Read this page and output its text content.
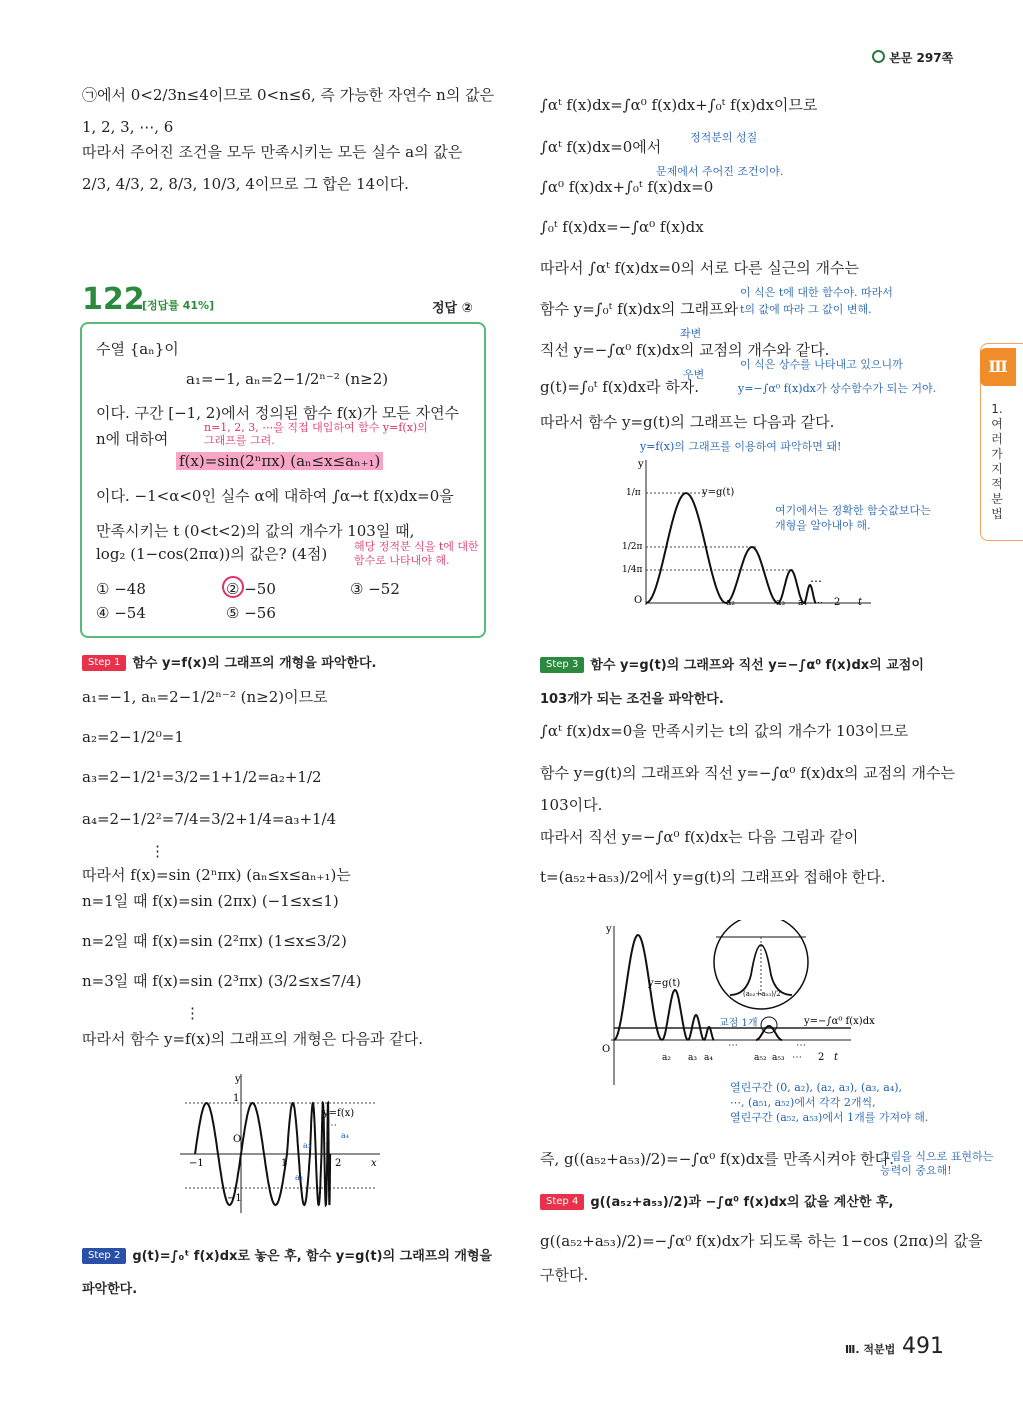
본문 297쪽
㉠에서 0<2/3n≤4이므로 0<n≤6, 즉 가능한 자연수 n의 값은
1, 2, 3, ⋯, 6
따라서 주어진 조건을 모두 만족시키는 모든 실수 a의 값은
2/3, 4/3, 2, 8/3, 10/3, 4이므로 그 합은 14이다.
122
[정답률 41%]	정답 ②
수열 {aₙ}이
a₁=−1, aₙ=2−1/2ⁿ⁻² (n≥2)
이다. 구간 [−1, 2)에서 정의된 함수 f(x)가 모든 자연수
n에 대하여
n=1, 2, 3, ⋯을 직접 대입하여 함수 y=f(x)의 그래프를 그려.
f(x)=sin(2ⁿπx) (aₙ≤x≤aₙ₊₁)
이다. −1<α<0인 실수 α에 대하여 ∫α→t f(x)dx=0을
만족시키는 t (0<t<2)의 값의 개수가 103일 때,
해당 정적분 식을 t에 대한 함수로 나타내야 해.
log₂ (1−cos(2πα))의 값은? (4점)
① −48	② −50	③ −52
④ −54	⑤ −56
Step 1 함수 y=f(x)의 그래프의 개형을 파악한다.
a₁=−1, aₙ=2−1/2ⁿ⁻² (n≥2)이므로
a₂=2−1/2⁰=1
a₃=2−1/2¹=3/2=1+1/2=a₂+1/2
a₄=2−1/2²=7/4=3/2+1/4=a₃+1/4
⋮
따라서 f(x)=sin (2ⁿπx) (aₙ≤x≤aₙ₊₁)는
n=1일 때 f(x)=sin (2πx) (−1≤x≤1)
n=2일 때 f(x)=sin (2²πx) (1≤x≤3/2)
n=3일 때 f(x)=sin (2³πx) (3/2≤x≤7/4)
⋮
따라서 함수 y=f(x)의 그래프의 개형은 다음과 같다.
y
1
−1
O
−1	1	2	x
y=f(x)
⋯
a₃
a₄
a₂
Step 2 g(t)=∫₀ᵗ f(x)dx로 놓은 후, 함수 y=g(t)의 그래프의 개형을
파악한다.
∫αᵗ f(x)dx=∫α⁰ f(x)dx+∫₀ᵗ f(x)dx이므로
정적분의 성질
∫αᵗ f(x)dx=0에서
문제에서 주어진 조건이야.
∫α⁰ f(x)dx+∫₀ᵗ f(x)dx=0
∫₀ᵗ f(x)dx=−∫α⁰ f(x)dx
따라서 ∫αᵗ f(x)dx=0의 서로 다른 실근의 개수는
이 식은 t에 대한 함수야. 따라서
함수 y=∫₀ᵗ f(x)dx의 그래프와 t의 값에 따라 그 값이 변해.
좌변
직선 y=−∫α⁰ f(x)dx의 교점의 개수와 같다.
이 식은 상수를 나타내고 있으니까
우변
g(t)=∫₀ᵗ f(x)dx라 하자.	y=−∫α⁰ f(x)dx가 상수함수가 되는 거야.
따라서 함수 y=g(t)의 그래프는 다음과 같다.
y=f(x)의 그래프를 이용하여 파악하면 돼!
y
1/π
1/2π
1/4π
O	a₂	a₃ a₄ ⋯ 2 t
y=g(t)
⋯
여기에서는 정확한 함숫값보다는 개형을 알아내야 해.
Step 3 함수 y=g(t)의 그래프와 직선 y=−∫α⁰ f(x)dx의 교점이
103개가 되는 조건을 파악한다.
∫αᵗ f(x)dx=0을 만족시키는 t의 값의 개수가 103이므로
함수 y=g(t)의 그래프와 직선 y=−∫α⁰ f(x)dx의 교점의 개수는
103이다.
따라서 직선 y=−∫α⁰ f(x)dx는 다음 그림과 같이
t=(a₅₂+a₅₃)/2에서 y=g(t)의 그래프와 접해야 한다.
y
O
y=g(t)
교점 1개
(a₅₂+a₅₃)/2
a₂ a₃ a₄	a₅₂ a₅₃ ⋯ 2 t
⋯	⋯
y=−∫α⁰ f(x)dx
열린구간 (0, a₂), (a₂, a₃), (a₃, a₄),
⋯, (a₅₁, a₅₂)에서 각각 2개씩,
열린구간 (a₅₂, a₅₃)에서 1개를 가져야 해.
즉, g((a₅₂+a₅₃)/2)=−∫α⁰ f(x)dx를 만족시켜야 한다.
그림을 식으로 표현하는 능력이 중요해!
Step 4 g((a₅₂+a₅₃)/2)과 −∫α⁰ f(x)dx의 값을 계산한 후,
g((a₅₂+a₅₃)/2)=−∫α⁰ f(x)dx가 되도록 하는 1−cos (2πα)의 값을
구한다.
Ⅲ
1. 여러 가지 적분법
Ⅲ. 적분법 491
